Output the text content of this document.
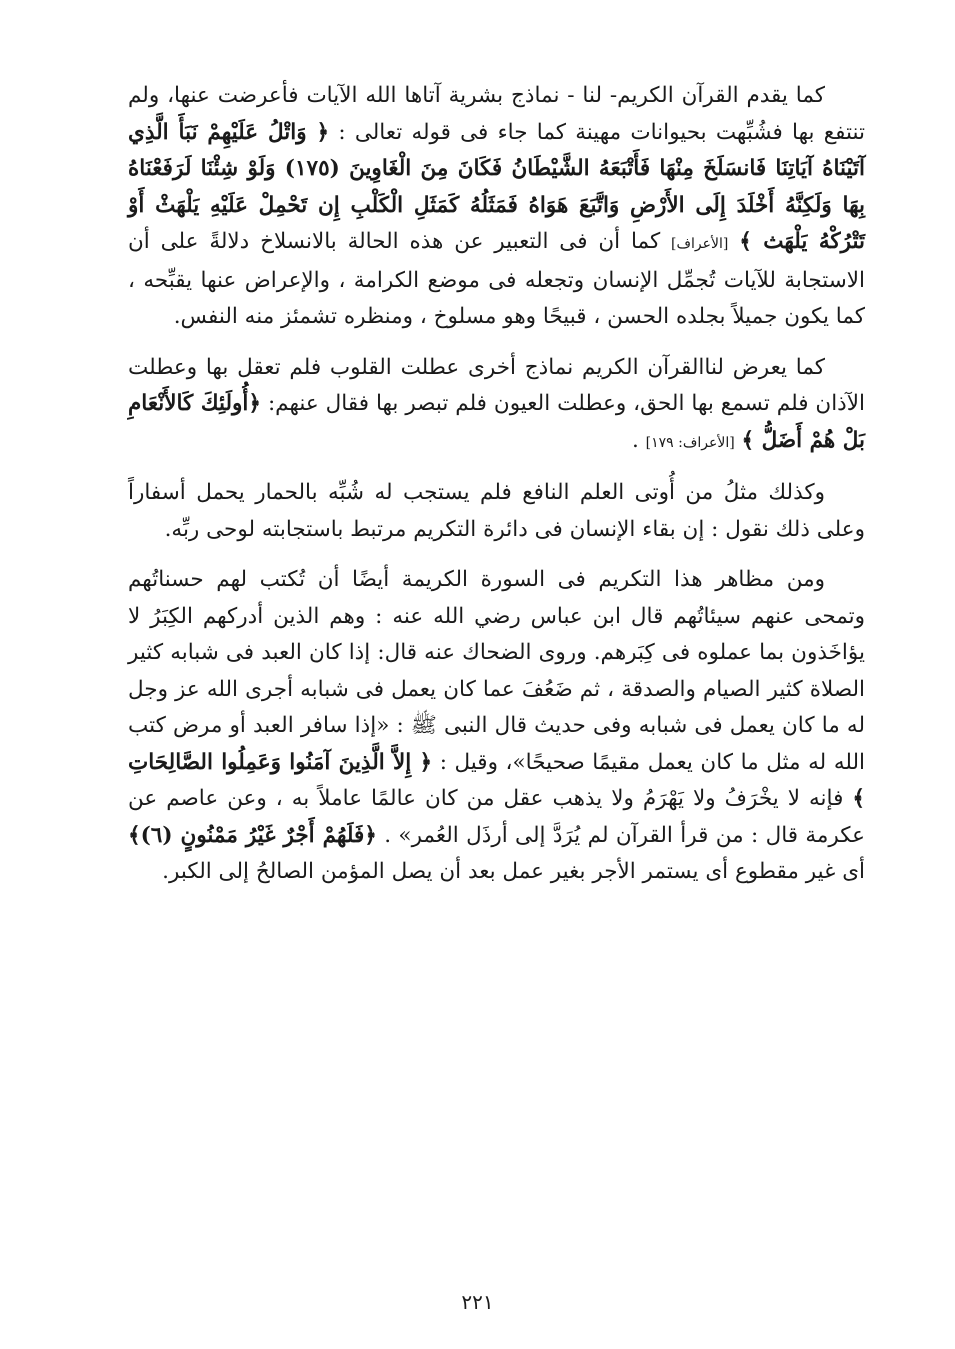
كما يقدم القرآن الكريم- لنا - نماذج بشرية آتاها الله الآيات فأعرضت عنها، ولم تنتفع بها فشُبِّهت بحيوانات مهينة كما جاء فى قوله تعالى : ﴿ وَاتْلُ عَلَيْهِمْ نَبَأَ الَّذِي آتَيْنَاهُ آيَاتِنَا فَانسَلَخَ مِنْهَا فَأَتْبَعَهُ الشَّيْطَانُ فَكَانَ مِنَ الْغَاوِينَ (١٧٥) وَلَوْ شِئْنَا لَرَفَعْنَاهُ بِهَا وَلَكِنَّهُ أَخْلَدَ إِلَى الأَرْضِ وَاتَّبَعَ هَوَاهُ فَمَثَلُهُ كَمَثَلِ الْكَلْبِ إِن تَحْمِلْ عَلَيْهِ يَلْهَثْ أَوْ تَتْرُكْهُ يَلْهَث ﴾ [الأعراف] كما أن فى التعبير عن هذه الحالة بالانسلاخ دلالةً على أن الاستجابة للآيات تُجمِّل الإنسان وتجعله فى موضع الكرامة ، والإعراض عنها يقبِّحه ، كما يكون جميلاً بجلده الحسن ، قبيحًا وهو مسلوخ ، ومنظره تشمئز منه النفس.

كما يعرض لناالقرآن الكريم نماذج أخرى عطلت القلوب فلم تعقل بها وعطلت الآذان فلم تسمع بها الحق، وعطلت العيون فلم تبصر بها فقال عنهم: ﴿أُولَئِكَ كَالأَنْعَامِ بَلْ هُمْ أَضَلُّ ﴾ [الأعراف: ١٧٩] .

وكذلك مثلُ من أُوتى العلم النافع فلم يستجب له شُبِّه بالحمار يحمل أسفاراً وعلى ذلك نقول : إن بقاء الإنسان فى دائرة التكريم مرتبط باستجابته لوحى ربِّه.

ومن مظاهر هذا التكريم فى السورة الكريمة أيضًا أن تُكتب لهم حسناتُهم وتمحى عنهم سيئاتُهم قال ابن عباس رضي الله عنه : وهم الذين أدركهم الكِبَرُ لا يؤاخَذون بما عملوه فى كِبَرهم. وروى الضحاك عنه قال: إذا كان العبد فى شبابه كثير الصلاة كثير الصيام والصدقة ، ثم ضَعُفَ عما كان يعمل فى شبابه أجرى الله عز وجل له ما كان يعمل فى شبابه وفى حديث قال النبى ﷺ : «إذا سافر العبد أو مرض كتب الله له مثل ما كان يعمل مقيمًا صحيحًا»، وقيل : ﴿ إِلاَّ الَّذِينَ آمَنُوا وَعَمِلُوا الصَّالِحَاتِ ﴾ فإنه لا يخْرَفُ ولا يَهْرَمُ ولا يذهب عقل من كان عالمًا عاملاً به ، وعن عاصم عن عكرمة قال : من قرأ القرآن لم يُرَدَّ إلى أرذَل العُمر» . ﴿فَلَهُمْ أَجْرٌ غَيْرُ مَمْنُونٍ (٦)﴾ أى غير مقطوع أى يستمر الأجر بغير عمل بعد أن يصل المؤمن الصالحُ إلى الكبر.

٢٢١
